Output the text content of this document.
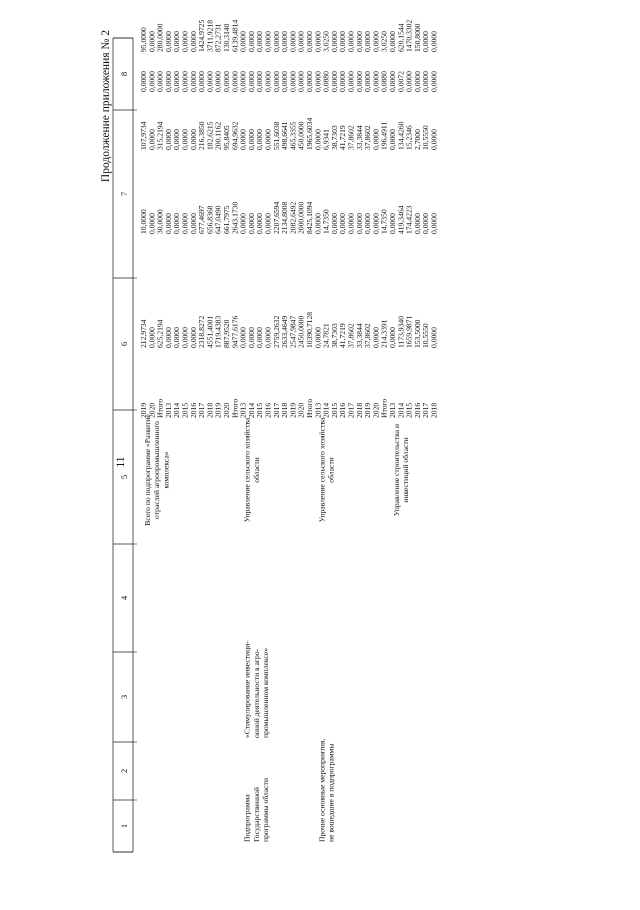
11
Продолжение приложения № 2
1
2
3
4
5
6
7
8
2019
212,9734
10,0000
107,9734
0,0000
95,0000
2020
0,0000
0,0000
0,0000
0,0000
0,0000
Итого
625,2194
30,0000
315,2194
0,0000
280,0000
2013
0,0000
0,0000
0,0000
0,0000
0,0000
2014
0,0000
0,0000
0,0000
0,0000
0,0000
2015
0,0000
0,0000
0,0000
0,0000
0,0000
2016
0,0000
0,0000
0,0000
0,0000
0,0000
2017
2318,8272
677,4697
216,3850
0,0000
1424,9725
2018
4551,4001
656,8368
182,6215
0,0000
3711,9218
2019
1719,4383
647,0490
200,1162
0,0000
872,2731
2020
887,9520
661,7975
95,8405
0,0000
130,3140
Итого
9477,6176
2643,1730
694,9632
0,0000
6139,4814
2013
0,0000
0,0000
0,0000
0,0000
0,0000
2014
0,0000
0,0000
0,0000
0,0000
0,0000
2015
0,0000
0,0000
0,0000
0,0000
0,0000
2016
0,0000
0,0000
0,0000
0,0000
0,0000
2017
2759,2632
2207,6594
551,6038
0,0000
0,0000
2018
2633,4649
2134,8008
498,6641
0,0000
0,0000
2019
2547,9847
2082,6492
465,3355
0,0000
0,0000
2020
2450,0000
2000,0000
450,0000
0,0000
0,0000
Итого
10390,7128
8425,1094
1965,6034
0,0000
0,0000
2013
0,0000
0,0000
0,0000
0,0000
0,0000
2014
24,7821
14,7350
6,9341
0,0880
3,0250
2015
38,7303
0,0000
38,7303
0,0000
0,0000
2016
41,7219
0,0000
41,7219
0,0000
0,0000
2017
37,8602
0,0000
37,8602
0,0000
0,0000
2018
33,3844
0,0000
33,3844
0,0000
0,0000
2019
37,8602
0,0000
37,8602
0,0000
0,0000
2020
0,0000
0,0000
0,0000
0,0000
0,0000
Итого
214,3391
14,7350
196,4911
0,0880
3,0250
2013
0,0000
0,0000
0,0000
0,0000
0,0000
2014
1173,9340
419,3464
134,4260
0,0072
620,1544
2015
1659,9871
174,4223
15,2346
0,0000
1470,3302
2016
153,5000
0,0000
2,7000
0,0000
150,8000
2017
10,5550
0,0000
10,5550
0,0000
0,0000
2018
0,0000
0,0000
0,0000
0,0000
0,0000
Всего по подпрограмме «Развитие отраслей агропромышленного комплекса»
Подпрограмма Государственной программы области
«Стимулирование инвестици- онной деятельности в агро- промышленном комплексе»
Управление сельского хозяйства области
Прочие основные мероприятия, не вошедшие в подпрограммы
Управление сельского хозяйства области	Управление строительства и инвестиций области
